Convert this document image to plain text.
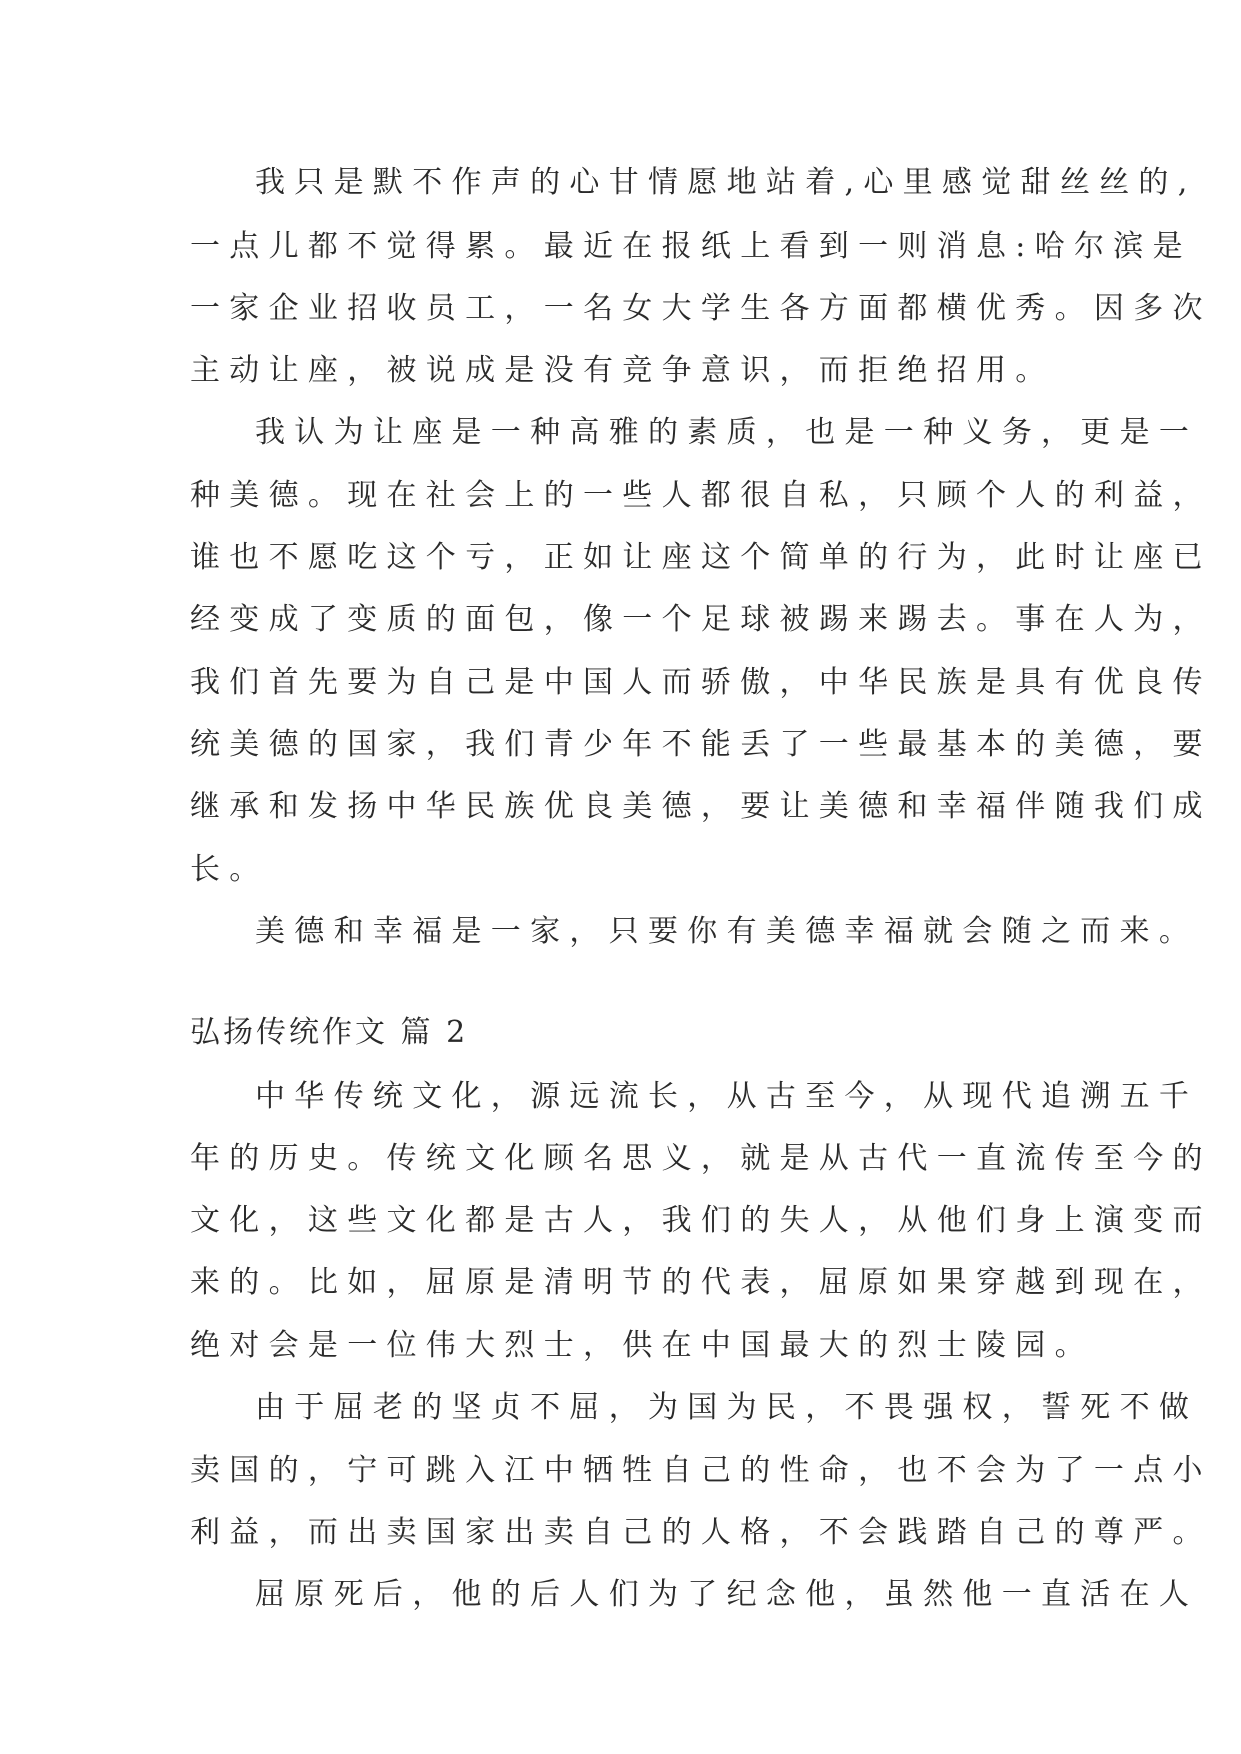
我只是默不作声的心甘情愿地站着,心里感觉甜丝丝的,

一点儿都不觉得累。最近在报纸上看到一则消息:哈尔滨是

一家企业招收员工，一名女大学生各方面都横优秀。因多次

主动让座，被说成是没有竞争意识，而拒绝招用。

我认为让座是一种高雅的素质，也是一种义务，更是一

种美德。现在社会上的一些人都很自私，只顾个人的利益，

谁也不愿吃这个亏，正如让座这个简单的行为，此时让座已

经变成了变质的面包，像一个足球被踢来踢去。事在人为，

我们首先要为自己是中国人而骄傲，中华民族是具有优良传

统美德的国家，我们青少年不能丢了一些最基本的美德，要

继承和发扬中华民族优良美德，要让美德和幸福伴随我们成

长。

美德和幸福是一家，只要你有美德幸福就会随之而来。

弘扬传统作文 篇 2

中华传统文化，源远流长，从古至今，从现代追溯五千

年的历史。传统文化顾名思义，就是从古代一直流传至今的

文化，这些文化都是古人，我们的失人，从他们身上演变而

来的。比如，屈原是清明节的代表，屈原如果穿越到现在，

绝对会是一位伟大烈士，供在中国最大的烈士陵园。

由于屈老的坚贞不屈，为国为民，不畏强权，誓死不做

卖国的，宁可跳入江中牺牲自己的性命，也不会为了一点小

利益，而出卖国家出卖自己的人格，不会践踏自己的尊严。

屈原死后，他的后人们为了纪念他，虽然他一直活在人
